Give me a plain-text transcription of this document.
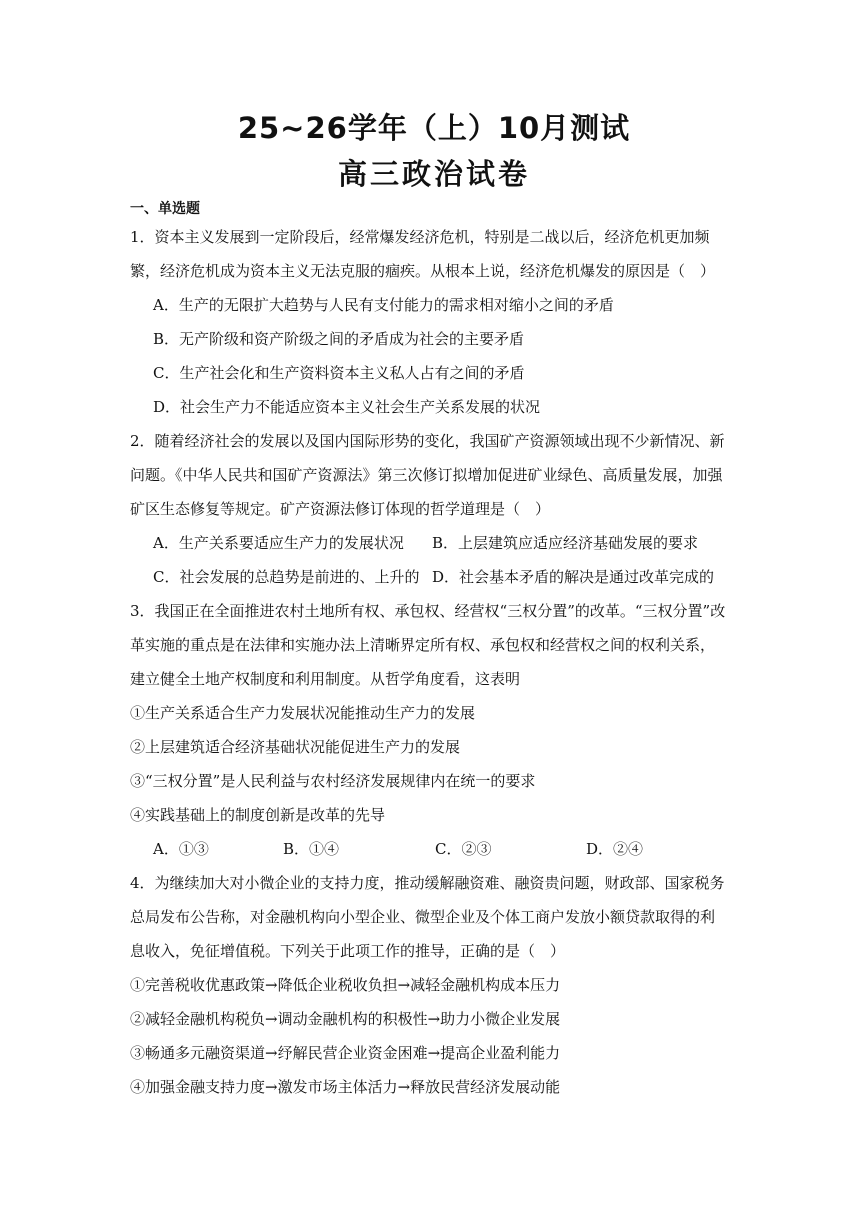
25~26学年（上）10月测试
高三政治试卷
一、单选题
1．资本主义发展到一定阶段后，经常爆发经济危机，特别是二战以后，经济危机更加频
繁，经济危机成为资本主义无法克服的痼疾。从根本上说，经济危机爆发的原因是（　）
A．生产的无限扩大趋势与人民有支付能力的需求相对缩小之间的矛盾
B．无产阶级和资产阶级之间的矛盾成为社会的主要矛盾
C．生产社会化和生产资料资本主义私人占有之间的矛盾
D．社会生产力不能适应资本主义社会生产关系发展的状况
2．随着经济社会的发展以及国内国际形势的变化，我国矿产资源领域出现不少新情况、新
问题。《中华人民共和国矿产资源法》第三次修订拟增加促进矿业绿色、高质量发展，加强
矿区生态修复等规定。矿产资源法修订体现的哲学道理是（　）
A．生产关系要适应生产力的发展状况	B．上层建筑应适应经济基础发展的要求
C．社会发展的总趋势是前进的、上升的 D．社会基本矛盾的解决是通过改革完成的
3．我国正在全面推进农村土地所有权、承包权、经营权“三权分置”的改革。“三权分置”改
革实施的重点是在法律和实施办法上清晰界定所有权、承包权和经营权之间的权利关系，
建立健全土地产权制度和利用制度。从哲学角度看，这表明
①生产关系适合生产力发展状况能推动生产力的发展
②上层建筑适合经济基础状况能促进生产力的发展
③“三权分置”是人民利益与农村经济发展规律内在统一的要求
④实践基础上的制度创新是改革的先导
A．①③	B．①④	C．②③	D．②④
4．为继续加大对小微企业的支持力度，推动缓解融资难、融资贵问题，财政部、国家税务
总局发布公告称，对金融机构向小型企业、微型企业及个体工商户发放小额贷款取得的利
息收入，免征增值税。下列关于此项工作的推导，正确的是（　）
①完善税收优惠政策→降低企业税收负担→减轻金融机构成本压力
②减轻金融机构税负→调动金融机构的积极性→助力小微企业发展
③畅通多元融资渠道→纾解民营企业资金困难→提高企业盈利能力
④加强金融支持力度→激发市场主体活力→释放民营经济发展动能
